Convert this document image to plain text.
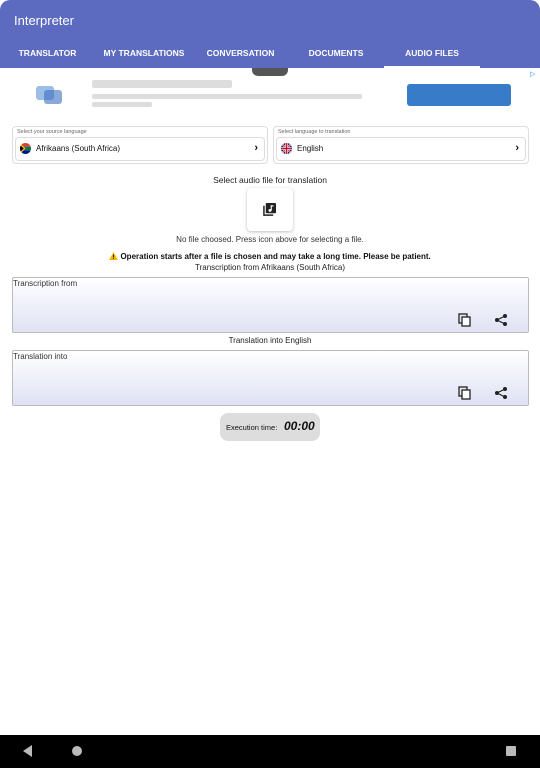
Interpreter
TRANSLATOR	MY TRANSLATIONS	CONVERSATION	DOCUMENTS	AUDIO FILES
▷
Select your source language
Afrikaans (South Africa)	›
Select language to translation
English	›
Select audio file for translation
No file choosed. Press icon above for selecting a file.
Operation starts after a file is chosen and may take a long time. Please be patient.
Transcription from Afrikaans (South Africa)
Transcription from
Translation into English
Translation into
Execution time: 00:00
